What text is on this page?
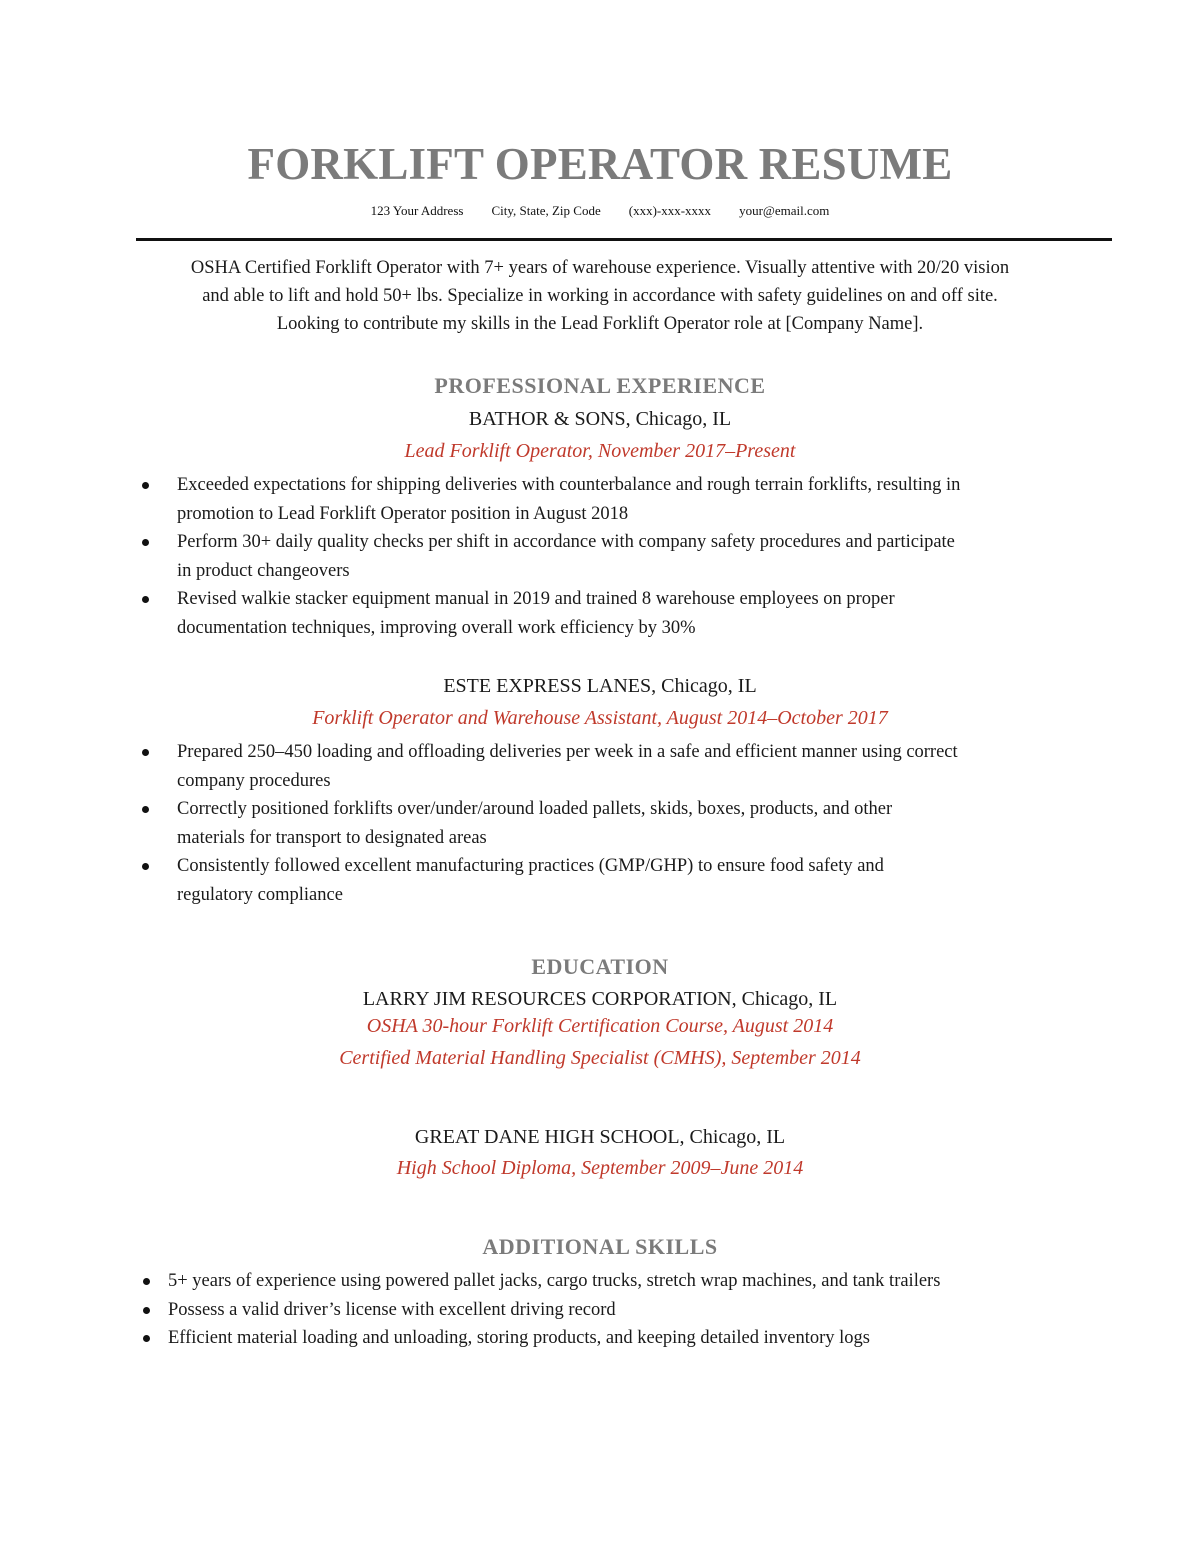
FORKLIFT OPERATOR RESUME
123 Your Address City, State, Zip Code (xxx)-xxx-xxxx your@email.com
OSHA Certified Forklift Operator with 7+ years of warehouse experience. Visually attentive with 20/20 vision
and able to lift and hold 50+ lbs. Specialize in working in accordance with safety guidelines on and off site.
Looking to contribute my skills in the Lead Forklift Operator role at [Company Name].
PROFESSIONAL EXPERIENCE
BATHOR & SONS, Chicago, IL
Lead Forklift Operator, November 2017–Present
Exceeded expectations for shipping deliveries with counterbalance and rough terrain forklifts, resulting in
promotion to Lead Forklift Operator position in August 2018
Perform 30+ daily quality checks per shift in accordance with company safety procedures and participate
in product changeovers
Revised walkie stacker equipment manual in 2019 and trained 8 warehouse employees on proper
documentation techniques, improving overall work efficiency by 30%
ESTE EXPRESS LANES, Chicago, IL
Forklift Operator and Warehouse Assistant, August 2014–October 2017
Prepared 250–450 loading and offloading deliveries per week in a safe and efficient manner using correct
company procedures
Correctly positioned forklifts over/under/around loaded pallets, skids, boxes, products, and other
materials for transport to designated areas
Consistently followed excellent manufacturing practices (GMP/GHP) to ensure food safety and
regulatory compliance
EDUCATION
LARRY JIM RESOURCES CORPORATION, Chicago, IL
OSHA 30-hour Forklift Certification Course, August 2014
Certified Material Handling Specialist (CMHS), September 2014
GREAT DANE HIGH SCHOOL, Chicago, IL
High School Diploma, September 2009–June 2014
ADDITIONAL SKILLS
5+ years of experience using powered pallet jacks, cargo trucks, stretch wrap machines, and tank trailers
Possess a valid driver’s license with excellent driving record
Efficient material loading and unloading, storing products, and keeping detailed inventory logs
